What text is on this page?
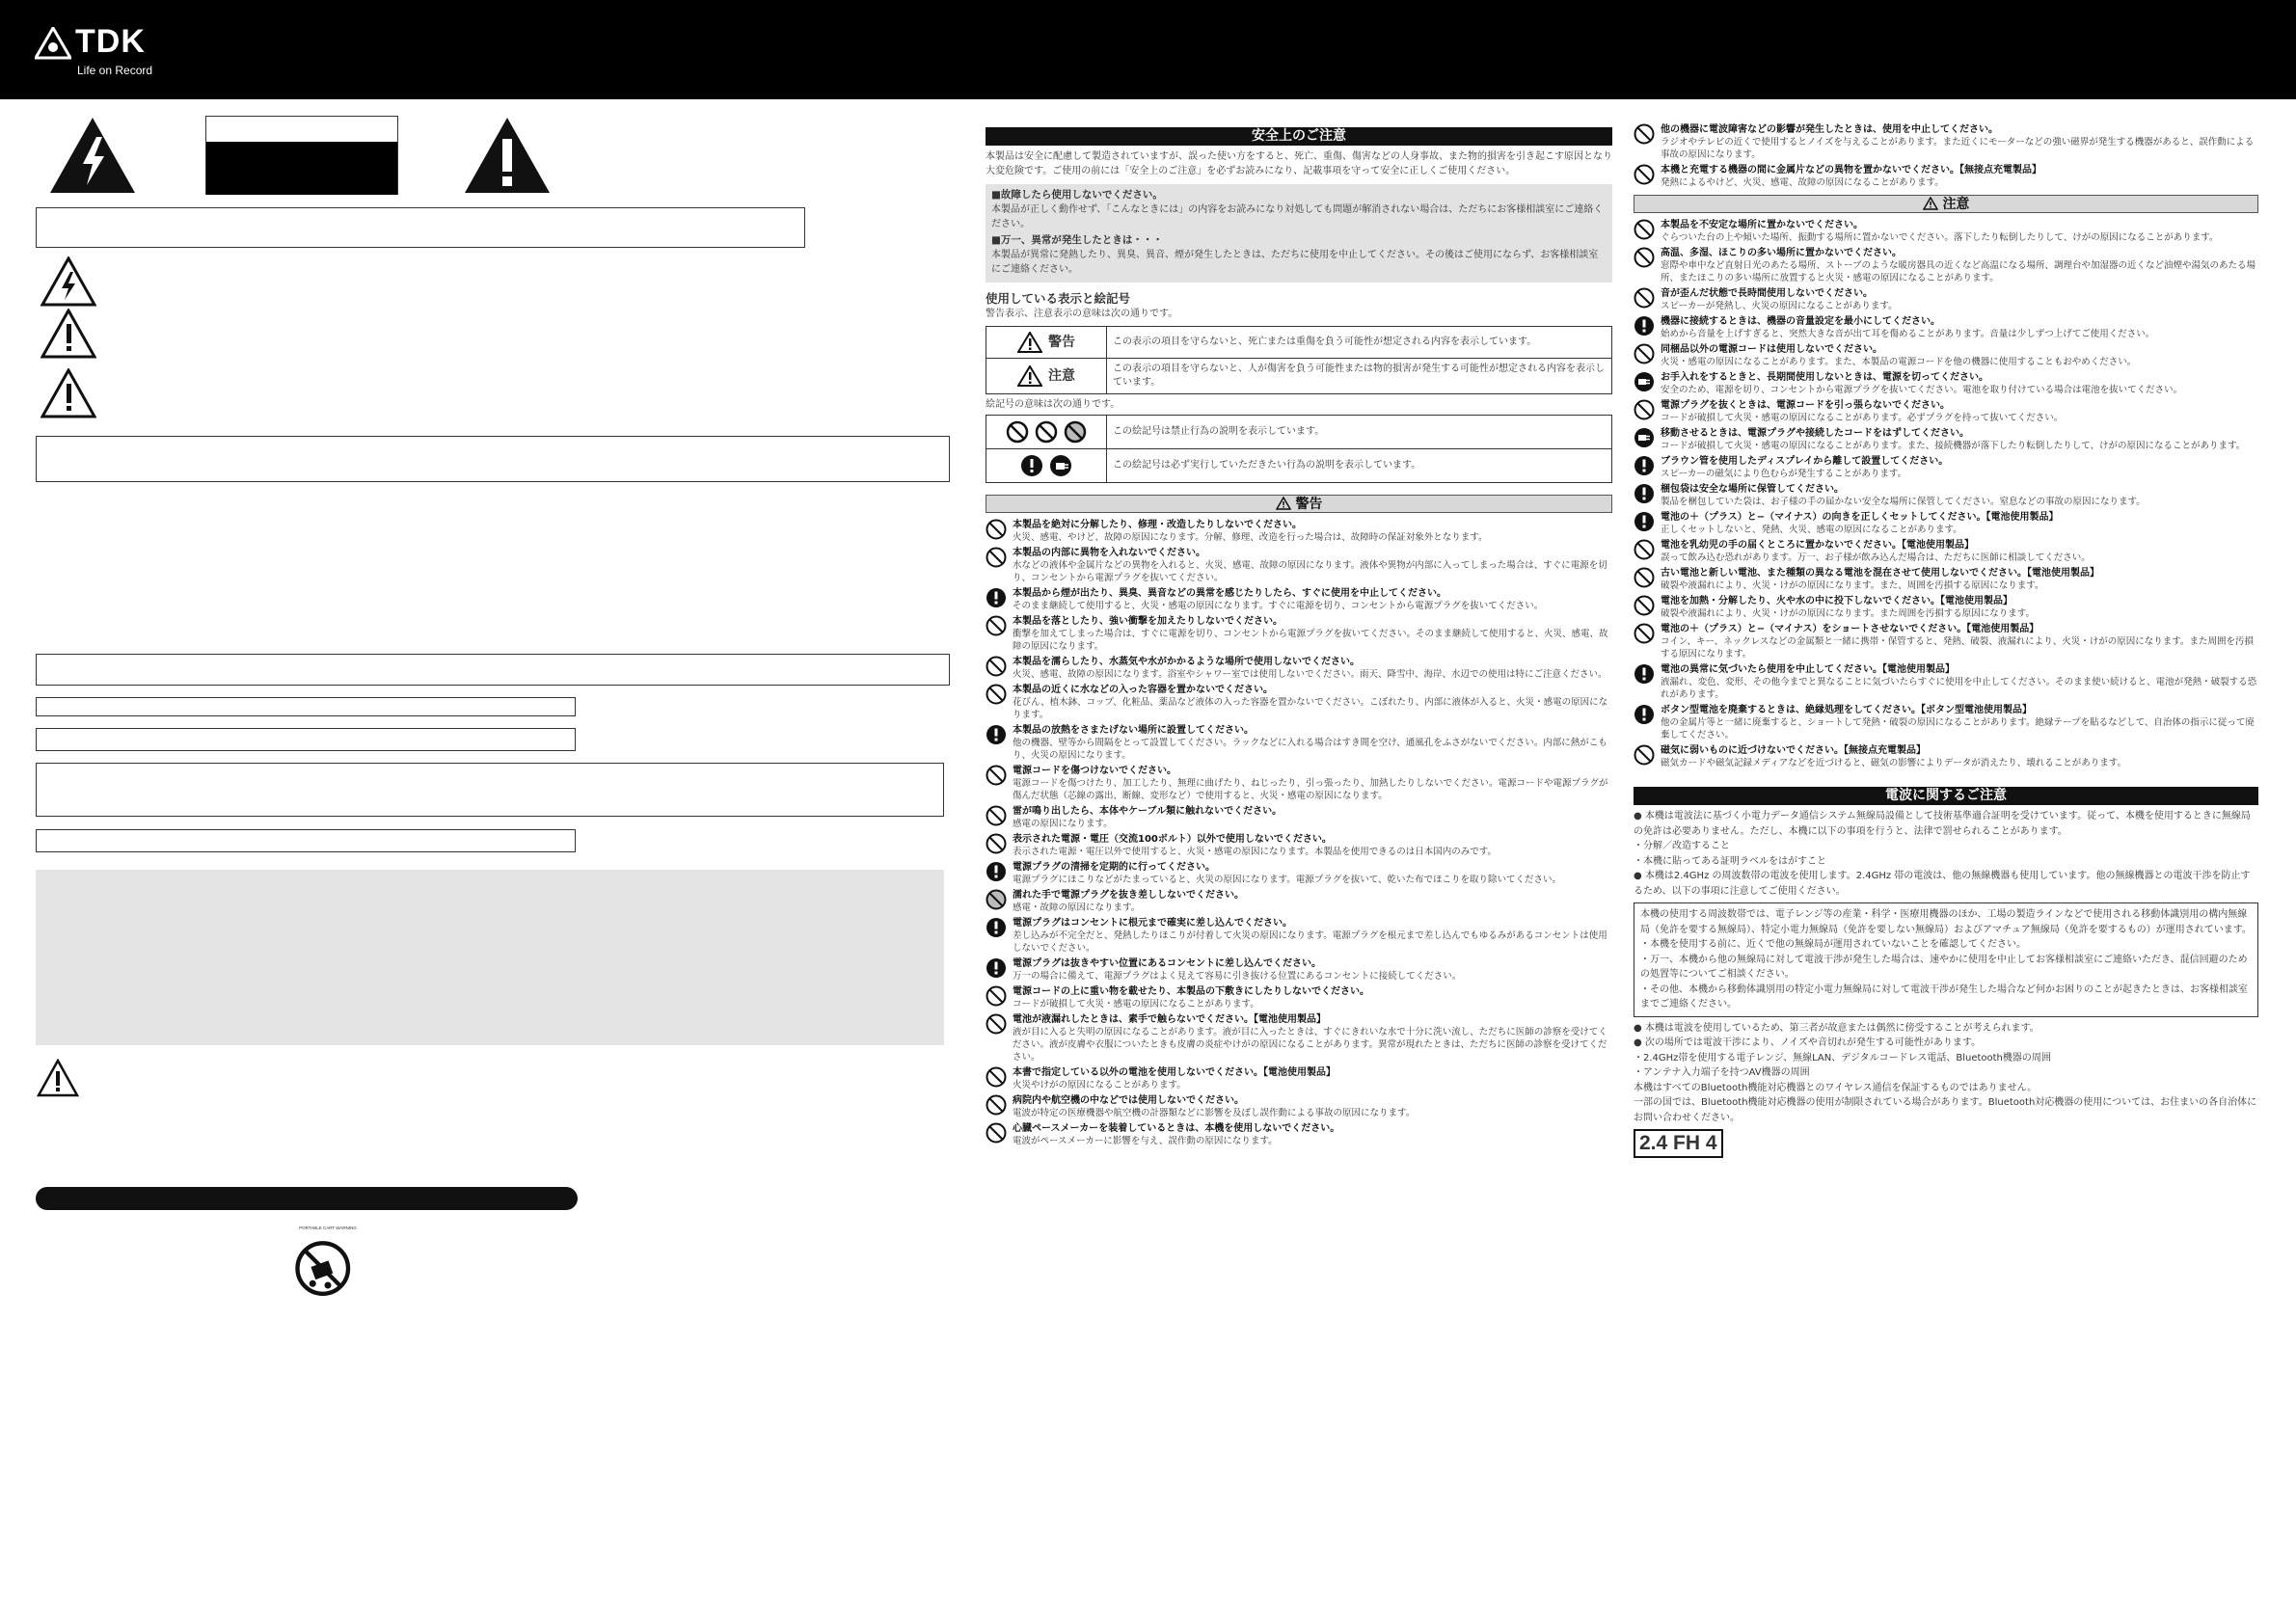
TDK
Life on Record
PORTABLE CART WARNING
安全上のご注意
本製品は安全に配慮して製造されていますが、誤った使い方をすると、死亡、重傷、傷害などの人身事故、また物的損害を引き起こす原因となり大変危険です。ご使用の前には「安全上のご注意」を必ずお読みになり、記載事項を守って安全に正しくご使用ください。
■故障したら使用しないでください。

本製品が正しく動作せず、「こんなときには」の内容をお読みになり対処しても問題が解消されない場合は、ただちにお客様相談室にご連絡ください。

■万一、異常が発生したときは・・・

本製品が異常に発熱したり、異臭、異音、煙が発生したときは、ただちに使用を中止してください。その後はご使用にならず、お客様相談室にご連絡ください。

使用している表示と絵記号
警告表示、注意表示の意味は次の通りです。
警告	この表示の項目を守らないと、死亡または重傷を負う可能性が想定される内容を表示しています。
注意	この表示の項目を守らないと、人が傷害を負う可能性または物的損害が発生する可能性が想定される内容を表示しています。
絵記号の意味は次の通りです。
この絵記号は禁止行為の説明を表示しています。
この絵記号は必ず実行していただきたい行為の説明を表示しています。
警告
本製品を絶対に分解したり、修理・改造したりしないでください。
火災、感電、やけど、故障の原因になります。分解、修理、改造を行った場合は、故障時の保証対象外となります。
本製品の内部に異物を入れないでください。
水などの液体や金属片などの異物を入れると、火災、感電、故障の原因になります。液体や異物が内部に入ってしまった場合は、すぐに電源を切り、コンセントから電源プラグを抜いてください。
本製品から煙が出たり、異臭、異音などの異常を感じたりしたら、すぐに使用を中止してください。
そのまま継続して使用すると、火災・感電の原因になります。すぐに電源を切り、コンセントから電源プラグを抜いてください。
本製品を落としたり、強い衝撃を加えたりしないでください。
衝撃を加えてしまった場合は、すぐに電源を切り、コンセントから電源プラグを抜いてください。そのまま継続して使用すると、火災、感電、故障の原因になります。
本製品を濡らしたり、水蒸気や水がかかるような場所で使用しないでください。
火災、感電、故障の原因になります。浴室やシャワー室では使用しないでください。雨天、降雪中、海岸、水辺での使用は特にご注意ください。
本製品の近くに水などの入った容器を置かないでください。
花びん、植木鉢、コップ、化粧品、薬品など液体の入った容器を置かないでください。こぼれたり、内部に液体が入ると、火災・感電の原因になります。
本製品の放熱をさまたげない場所に設置してください。
他の機器、壁等から間隔をとって設置してください。ラックなどに入れる場合はすき間を空け、通風孔をふさがないでください。内部に熱がこもり、火災の原因になります。
電源コードを傷つけないでください。
電源コードを傷つけたり、加工したり、無理に曲げたり、ねじったり、引っ張ったり、加熱したりしないでください。電源コードや電源プラグが傷んだ状態（芯線の露出、断線、変形など）で使用すると、火災・感電の原因になります。
雷が鳴り出したら、本体やケーブル類に触れないでください。
感電の原因になります。
表示された電源・電圧（交流100ボルト）以外で使用しないでください。
表示された電源・電圧以外で使用すると、火災・感電の原因になります。本製品を使用できるのは日本国内のみです。
電源プラグの清掃を定期的に行ってください。
電源プラグにほこりなどがたまっていると、火災の原因になります。電源プラグを抜いて、乾いた布でほこりを取り除いてください。
濡れた手で電源プラグを抜き差ししないでください。
感電・故障の原因になります。
電源プラグはコンセントに根元まで確実に差し込んでください。
差し込みが不完全だと、発熱したりほこりが付着して火災の原因になります。電源プラグを根元まで差し込んでもゆるみがあるコンセントは使用しないでください。
電源プラグは抜きやすい位置にあるコンセントに差し込んでください。
万一の場合に備えて、電源プラグはよく見えて容易に引き抜ける位置にあるコンセントに接続してください。
電源コードの上に重い物を載せたり、本製品の下敷きにしたりしないでください。
コードが破損して火災・感電の原因になることがあります。
電池が液漏れしたときは、素手で触らないでください。【電池使用製品】
液が目に入ると失明の原因になることがあります。液が目に入ったときは、すぐにきれいな水で十分に洗い流し、ただちに医師の診察を受けてください。液が皮膚や衣服についたときも皮膚の炎症やけがの原因になることがあります。異常が現れたときは、ただちに医師の診察を受けてください。
本書で指定している以外の電池を使用しないでください。【電池使用製品】
火災やけがの原因になることがあります。
病院内や航空機の中などでは使用しないでください。
電波が特定の医療機器や航空機の計器類などに影響を及ぼし誤作動による事故の原因になります。
心臓ペースメーカーを装着しているときは、本機を使用しないでください。
電波がペースメーカーに影響を与え、誤作動の原因になります。
他の機器に電波障害などの影響が発生したときは、使用を中止してください。
ラジオやテレビの近くで使用するとノイズを与えることがあります。また近くにモーターなどの強い磁界が発生する機器があると、誤作動による事故の原因になります。
本機と充電する機器の間に金属片などの異物を置かないでください。【無接点充電製品】
発熱によるやけど、火災、感電、故障の原因になることがあります。
注意
本製品を不安定な場所に置かないでください。
ぐらついた台の上や傾いた場所、振動する場所に置かないでください。落下したり転倒したりして、けがの原因になることがあります。
高温、多湿、ほこりの多い場所に置かないでください。
窓際や車中など直射日光のあたる場所、ストーブのような暖房器具の近くなど高温になる場所、調理台や加湿器の近くなど油煙や湯気のあたる場所、またほこりの多い場所に放置すると火災・感電の原因になることがあります。
音が歪んだ状態で長時間使用しないでください。
スピーカーが発熱し、火災の原因になることがあります。
機器に接続するときは、機器の音量設定を最小にしてください。
始めから音量を上げすぎると、突然大きな音が出て耳を傷めることがあります。音量は少しずつ上げてご使用ください。
同梱品以外の電源コードは使用しないでください。
火災・感電の原因になることがあります。また、本製品の電源コードを他の機器に使用することもおやめください。
お手入れをするときと、長期間使用しないときは、電源を切ってください。
安全のため、電源を切り、コンセントから電源プラグを抜いてください。電池を取り付けている場合は電池を抜いてください。
電源プラグを抜くときは、電源コードを引っ張らないでください。
コードが破損して火災・感電の原因になることがあります。必ずプラグを持って抜いてください。
移動させるときは、電源プラグや接続したコードをはずしてください。
コードが破損して火災・感電の原因になることがあります。また、接続機器が落下したり転倒したりして、けがの原因になることがあります。
ブラウン管を使用したディスプレイから離して設置してください。
スピーカーの磁気により色むらが発生することがあります。
梱包袋は安全な場所に保管してください。
製品を梱包していた袋は、お子様の手の届かない安全な場所に保管してください。窒息などの事故の原因になります。
電池の＋（プラス）と−（マイナス）の向きを正しくセットしてください。【電池使用製品】
正しくセットしないと、発熱、火災、感電の原因になることがあります。
電池を乳幼児の手の届くところに置かないでください。【電池使用製品】
誤って飲み込む恐れがあります。万一、お子様が飲み込んだ場合は、ただちに医師に相談してください。
古い電池と新しい電池、また種類の異なる電池を混在させて使用しないでください。【電池使用製品】
破裂や液漏れにより、火災・けがの原因になります。また、周囲を汚損する原因になります。
電池を加熱・分解したり、火や水の中に投下しないでください。【電池使用製品】
破裂や液漏れにより、火災・けがの原因になります。また周囲を汚損する原因になります。
電池の＋（プラス）と−（マイナス）をショートさせないでください。【電池使用製品】
コイン、キー、ネックレスなどの金属類と一緒に携帯・保管すると、発熱、破裂、液漏れにより、火災・けがの原因になります。また周囲を汚損する原因になります。
電池の異常に気づいたら使用を中止してください。【電池使用製品】
液漏れ、変色、変形、その他今までと異なることに気づいたらすぐに使用を中止してください。そのまま使い続けると、電池が発熱・破裂する恐れがあります。
ボタン型電池を廃棄するときは、絶縁処理をしてください。【ボタン型電池使用製品】
他の金属片等と一緒に廃棄すると、ショートして発熱・破裂の原因になることがあります。絶縁テープを貼るなどして、自治体の指示に従って廃棄してください。
磁気に弱いものに近づけないでください。【無接点充電製品】
磁気カードや磁気記録メディアなどを近づけると、磁気の影響によりデータが消えたり、壊れることがあります。
電波に関するご注意

● 本機は電波法に基づく小電力データ通信システム無線局設備として技術基準適合証明を受けています。従って、本機を使用するときに無線局の免許は必要ありません。ただし、本機に以下の事項を行うと、法律で罰せられることがあります。

・分解／改造すること

・本機に貼ってある証明ラベルをはがすこと

● 本機は2.4GHz の周波数帯の電波を使用します。2.4GHz 帯の電波は、他の無線機器も使用しています。他の無線機器との電波干渉を防止するため、以下の事項に注意してご使用ください。

本機の使用する周波数帯では、電子レンジ等の産業・科学・医療用機器のほか、工場の製造ラインなどで使用される移動体識別用の構内無線局（免許を要する無線局）、特定小電力無線局（免許を要しない無線局）およびアマチュア無線局（免許を要するもの）が運用されています。

・本機を使用する前に、近くで他の無線局が運用されていないことを確認してください。

・万一、本機から他の無線局に対して電波干渉が発生した場合は、速やかに使用を中止してお客様相談室にご連絡いただき、混信回避のための処置等についてご相談ください。

・その他、本機から移動体識別用の特定小電力無線局に対して電波干渉が発生した場合など何かお困りのことが起きたときは、お客様相談室までご連絡ください。

● 本機は電波を使用しているため、第三者が故意または偶然に傍受することが考えられます。

● 次の場所では電波干渉により、ノイズや音切れが発生する可能性があります。

・2.4GHz帯を使用する電子レンジ、無線LAN、デジタルコードレス電話、Bluetooth機器の周囲

・アンテナ入力端子を持つAV機器の周囲

本機はすべてのBluetooth機能対応機器とのワイヤレス通信を保証するものではありません。

一部の国では、Bluetooth機能対応機器の使用が制限されている場合があります。Bluetooth対応機器の使用については、お住まいの各自治体にお問い合わせください。

2.4 FH 4
